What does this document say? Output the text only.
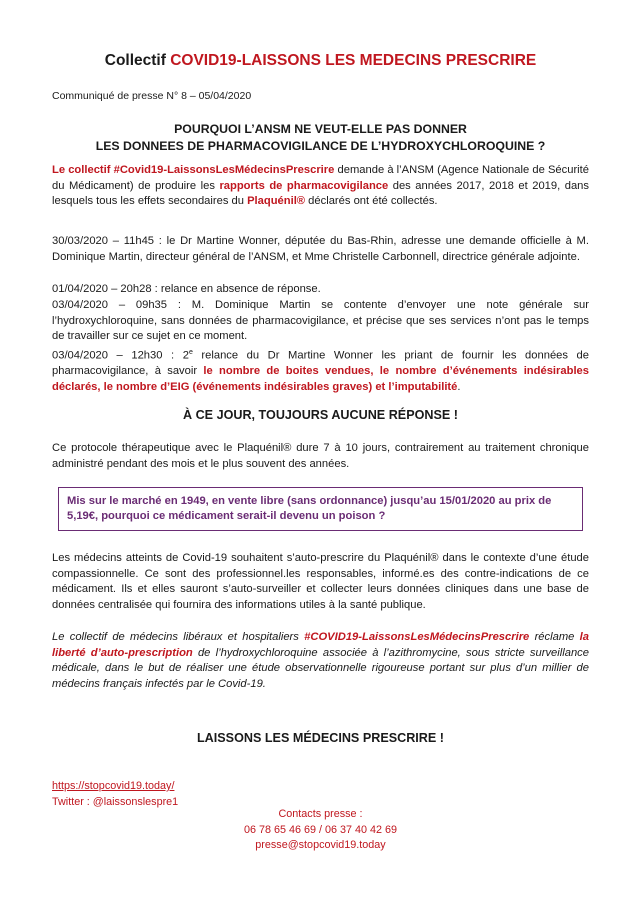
Collectif COVID19-LAISSONS LES MEDECINS PRESCRIRE
Communiqué de presse N° 8 – 05/04/2020
POURQUOI L’ANSM NE VEUT-ELLE PAS DONNER
LES DONNEES DE PHARMACOVIGILANCE DE L’HYDROXYCHLOROQUINE ?
Le collectif #Covid19-LaissonsLesMédecinsPrescrire demande à l’ANSM (Agence Nationale de Sécurité du Médicament) de produire les rapports de pharmacovigilance des années 2017, 2018 et 2019, dans lesquels tous les effets secondaires du Plaquénil® déclarés ont été collectés.
30/03/2020 – 11h45 : le Dr Martine Wonner, députée du Bas-Rhin, adresse une demande officielle à M. Dominique Martin, directeur général de l’ANSM, et Mme Christelle Carbonnell, directrice générale adjointe.
01/04/2020 – 20h28 : relance en absence de réponse.
03/04/2020 – 09h35 : M. Dominique Martin se contente d’envoyer une note générale sur l’hydroxychloroquine, sans données de pharmacovigilance, et précise que ses services n’ont pas le temps de travailler sur ce sujet en ce moment.
03/04/2020 – 12h30 : 2e relance du Dr Martine Wonner les priant de fournir les données de pharmacovigilance, à savoir le nombre de boites vendues, le nombre d’événements indésirables déclarés, le nombre d’EIG (événements indésirables graves) et l’imputabilité.
À CE JOUR, TOUJOURS AUCUNE RÉPONSE !
Ce protocole thérapeutique avec le Plaquénil® dure 7 à 10 jours, contrairement au traitement chronique administré pendant des mois et le plus souvent des années.
Mis sur le marché en 1949, en vente libre (sans ordonnance) jusqu’au 15/01/2020 au prix de 5,19€, pourquoi ce médicament serait-il devenu un poison ?
Les médecins atteints de Covid-19 souhaitent s’auto-prescrire du Plaquénil® dans le contexte d’une étude compassionnelle. Ce sont des professionnel.les responsables, informé.es des contre-indications de ce médicament. Ils et elles sauront s’auto-surveiller et collecter leurs données cliniques dans une base de données centralisée qui fournira des informations utiles à la santé publique.
Le collectif de médecins libéraux et hospitaliers #COVID19-LaissonsLesMédecinsPrescrire réclame la liberté d’auto-prescription de l’hydroxychloroquine associée à l’azithromycine, sous stricte surveillance médicale, dans le but de réaliser une étude observationnelle rigoureuse portant sur plus d’un millier de médecins français infectés par le Covid-19.
LAISSONS LES MÉDECINS PRESCRIRE !
https://stopcovid19.today/
Twitter : @laissonslespre1
Contacts presse :
06 78 65 46 69 / 06 37 40 42 69
presse@stopcovid19.today
